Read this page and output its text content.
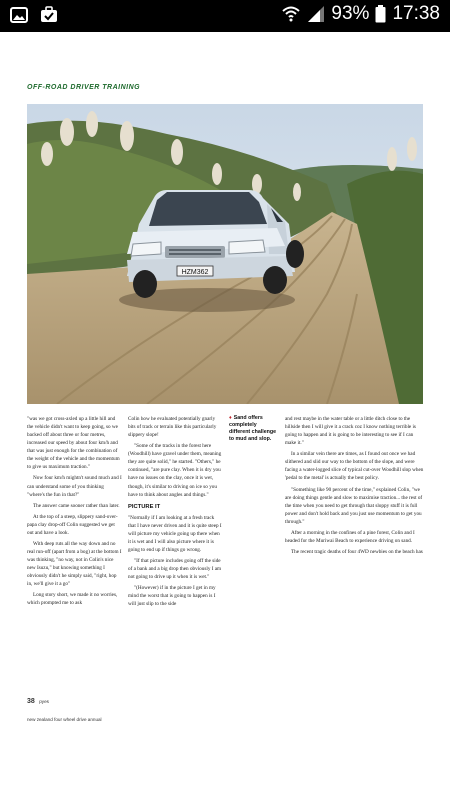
93% 17:38
OFF-ROAD DRIVER TRAINING
HZM362

"was we got cross-axled up a little hill and the vehicle didn't want to keep going, so we backed off about three or four metres, increased our speed by about four km/h and that was just enough for the combination of the weight of the vehicle and the momentum to give us maximum traction."

Now four km/h mightn't sound much and I can understand some of you thinking "where's the fun in that?"

The answer came sooner rather than later.

At the top of a steep, slippery sand-over-papa clay drop-off Colin suggested we get out and have a look.

With deep ruts all the way down and no real run-off (apart from a bog) at the bottom I was thinking, "no way, not in Colin's nice new Isuzu," but knowing something I obviously didn't he simply said, "right, hop in, we'll give it a go"

Long story short, we made it no worries, which prompted me to ask

Colin how he evaluated potentially gnarly bits of track or terrain like this particularly slippery slope!

"Some of the tracks in the forest here (Woodhill) have gravel under them, meaning they are quite solid," he started. "Others," he continued, "are pure clay. When it is dry you have no issues on the clay, once it is wet, though, it's similar to driving on ice so you have to think about angles and things."

PICTURE IT

"Normally if I am looking at a fresh track that I have never driven and it is quite steep I will picture my vehicle going up there when it is wet and I will also picture where it is going to end up if things go wrong.

"If that picture includes going off the side of a bank and a big drop then obviously I am not going to drive up it when it is wet."

"(However) if in the picture I get in my mind the worst that is going to happen is I will just slip to the side

♦ Sand offers completely different challenge to mud and slop.

and rest maybe in the water table or a little ditch close to the hillside then I will give it a crack coz I know nothing terrible is going to happen and it is going to be interesting to see if I can make it."

In a similar vein there are times, as I found out once we had slithered and slid our way to the bottom of the slope, and were facing a water-logged slice of typical cut-over Woodhill slop when 'pedal to the metal' is actually the best policy.

"Something like 90 percent of the time," explained Colin, "we are doing things gentle and slow to maximise traction... the rest of the time when you need to get through that sloppy stuff it is full power and don't hold back and you just use momentum to get you through."

After a morning in the confines of a pine forest, Colin and I headed for the Muriwai Beach to experience driving on sand.

The recent tragic deaths of four 4WD newbies on the beach has

38 pyes
new zealand four wheel drive annual
